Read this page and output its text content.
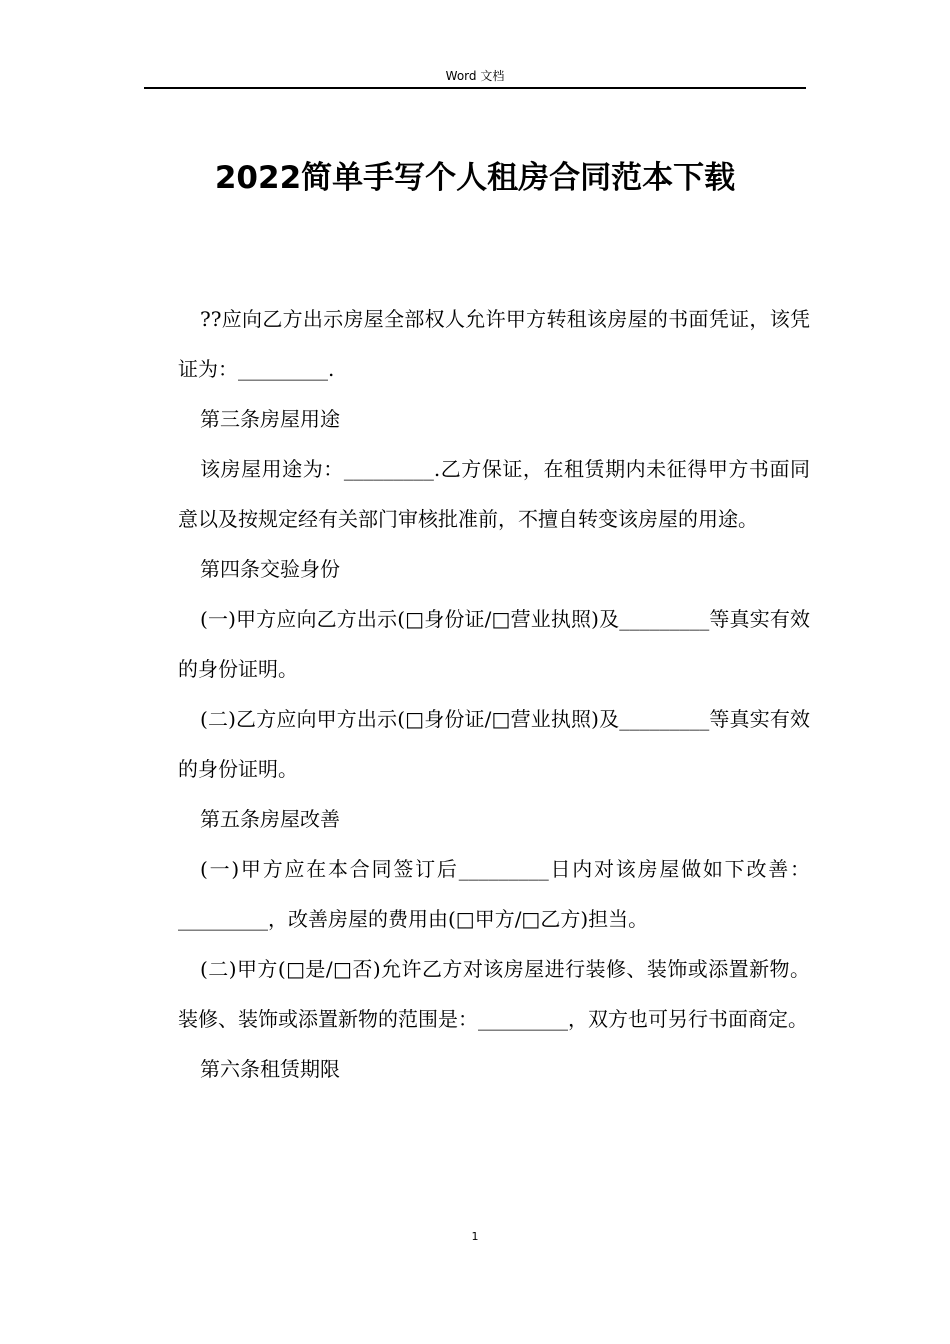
Word 文档
2022简单手写个人租房合同范本下载

??应向乙方出示房屋全部权人允许甲方转租该房屋的书面凭证，该凭证为：_________.

第三条房屋用途

该房屋用途为：_________.乙方保证，在租赁期内未征得甲方书面同意以及按规定经有关部门审核批准前，不擅自转变该房屋的用途。

第四条交验身份

(一)甲方应向乙方出示(□身份证/□营业执照)及_________等真实有效的身份证明。

(二)乙方应向甲方出示(□身份证/□营业执照)及_________等真实有效的身份证明。

第五条房屋改善

(一)甲方应在本合同签订后_________日内对该房屋做如下改善：_________，改善房屋的费用由(□甲方/□乙方)担当。

(二)甲方(□是/□否)允许乙方对该房屋进行装修、装饰或添置新物。装修、装饰或添置新物的范围是：_________，双方也可另行书面商定。

第六条租赁期限

1
